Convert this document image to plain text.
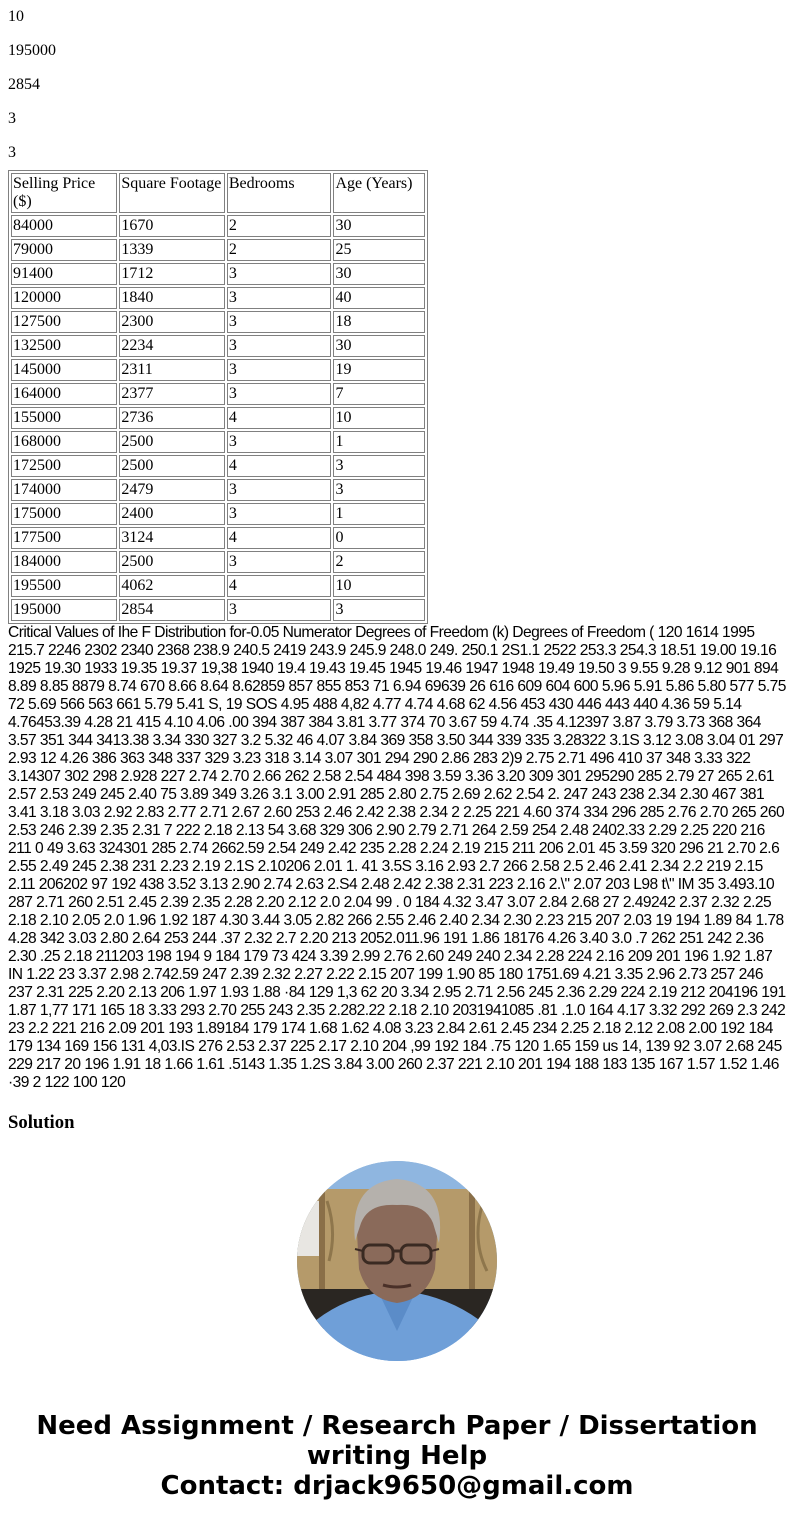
10
195000
2854
3
3
Selling Price ($)	Square Footage	Bedrooms	Age (Years)
84000	1670	2	30
79000	1339	2	25
91400	1712	3	30
120000	1840	3	40
127500	2300	3	18
132500	2234	3	30
145000	2311	3	19
164000	2377	3	7
155000	2736	4	10
168000	2500	3	1
172500	2500	4	3
174000	2479	3	3
175000	2400	3	1
177500	3124	4	0
184000	2500	3	2
195500	4062	4	10
195000	2854	3	3

Critical Values of Ihe F Distribution for-0.05 Numerator Degrees of Freedom (k) Degrees of Freedom ( 120 1614 1995 215.7 2246 2302 2340 2368 238.9 240.5 2419 243.9 245.9 248.0 249. 250.1 2S1.1 2522 253.3 254.3 18.51 19.00 19.16 1925 19.30 1933 19.35 19.37 19,38 1940 19.4 19.43 19.45 1945 19.46 1947 1948 19.49 19.50 3 9.55 9.28 9.12 901 894 8.89 8.85 8879 8.74 670 8.66 8.64 8.62859 857 855 853 71 6.94 69639 26 616 609 604 600 5.96 5.91 5.86 5.80 577 5.75 72 5.69 566 563 661 5.79 5.41 S, 19 SOS 4.95 488 4,82 4.77 4.74 4.68 62 4.56 453 430 446 443 440 4.36 59 5.14 4.76453.39 4.28 21 415 4.10 4.06 .00 394 387 384 3.81 3.77 374 70 3.67 59 4.74 .35 4.12397 3.87 3.79 3.73 368 364 3.57 351 344 3413.38 3.34 330 327 3.2 5.32 46 4.07 3.84 369 358 3.50 344 339 335 3.28322 3.1S 3.12 3.08 3.04 01 297 2.93 12 4.26 386 363 348 337 329 3.23 318 3.14 3.07 301 294 290 2.86 283 2)9 2.75 2.71 496 410 37 348 3.33 322 3.14307 302 298 2.928 227 2.74 2.70 2.66 262 2.58 2.54 484 398 3.59 3.36 3.20 309 301 295290 285 2.79 27 265 2.61 2.57 2.53 249 245 2.40 75 3.89 349 3.26 3.1 3.00 2.91 285 2.80 2.75 2.69 2.62 2.54 2. 247 243 238 2.34 2.30 467 381 3.41 3.18 3.03 2.92 2.83 2.77 2.71 2.67 2.60 253 2.46 2.42 2.38 2.34 2 2.25 221 4.60 374 334 296 285 2.76 2.70 265 260 2.53 246 2.39 2.35 2.31 7 222 2.18 2.13 54 3.68 329 306 2.90 2.79 2.71 264 2.59 254 2.48 2402.33 2.29 2.25 220 216 211 0 49 3.63 324301 285 2.74 2662.59 2.54 249 2.42 235 2.28 2.24 2.19 215 211 206 2.01 45 3.59 320 296 21 2.70 2.6 2.55 2.49 245 2.38 231 2.23 2.19 2.1S 2.10206 2.01 1. 41 3.5S 3.16 2.93 2.7 266 2.58 2.5 2.46 2.41 2.34 2.2 219 2.15 2.11 206202 97 192 438 3.52 3.13 2.90 2.74 2.63 2.S4 2.48 2.42 2.38 2.31 223 2.16 2.\" 2.07 203 L98 t\" IM 35 3.493.10 287 2.71 260 2.51 2.45 2.39 2.35 2.28 2.20 2.12 2.0 2.04 99 . 0 184 4.32 3.47 3.07 2.84 2.68 27 2.49242 2.37 2.32 2.25 2.18 2.10 2.05 2.0 1.96 1.92 187 4.30 3.44 3.05 2.82 266 2.55 2.46 2.40 2.34 2.30 2.23 215 207 2.03 19 194 1.89 84 1.78 4.28 342 3.03 2.80 2.64 253 244 .37 2.32 2.7 2.20 213 2052.011.96 191 1.86 18176 4.26 3.40 3.0 .7 262 251 242 2.36 2.30 .25 2.18 211203 198 194 9 184 179 73 424 3.39 2.99 2.76 2.60 249 240 2.34 2.28 224 2.16 209 201 196 1.92 1.87 IN 1.22 23 3.37 2.98 2.742.59 247 2.39 2.32 2.27 2.22 2.15 207 199 1.90 85 180 1751.69 4.21 3.35 2.96 2.73 257 246 237 2.31 225 2.20 2.13 206 1.97 1.93 1.88 ·84 129 1,3 62 20 3.34 2.95 2.71 2.56 245 2.36 2.29 224 2.19 212 204196 191 1.87 1,77 171 165 18 3.33 293 2.70 255 243 2.35 2.282.22 2.18 2.10 2031941085 .81 .1.0 164 4.17 3.32 292 269 2.3 242 23 2.2 221 216 2.09 201 193 1.89184 179 174 1.68 1.62 4.08 3.23 2.84 2.61 2.45 234 2.25 2.18 2.12 2.08 2.00 192 184 179 134 169 156 131 4,03.IS 276 2.53 2.37 225 2.17 2.10 204 ,99 192 184 .75 120 1.65 159 us 14, 139 92 3.07 2.68 245 229 217 20 196 1.91 18 1.66 1.61 .5143 1.35 1.2S 3.84 3.00 260 2.37 221 2.10 201 194 188 183 135 167 1.57 1.52 1.46 ·39 2 122 100 120

Solution
Need Assignment / Research Paper / Dissertation
writing Help
Contact: drjack9650@gmail.com
